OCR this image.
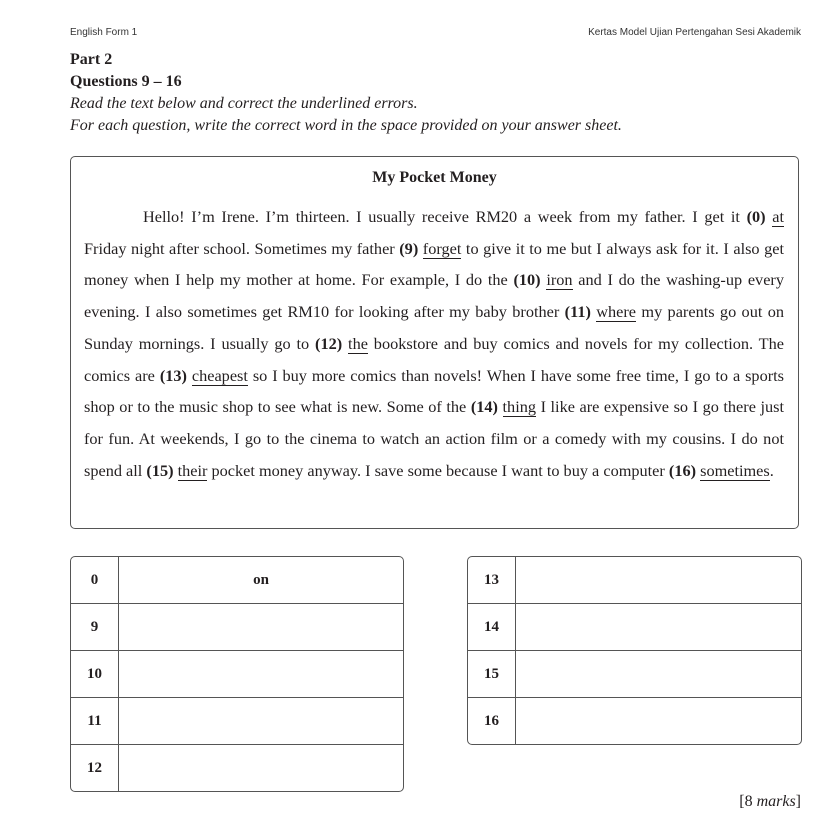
English Form 1	Kertas Model Ujian Pertengahan Sesi Akademik
Part 2
Questions 9 – 16
Read the text below and correct the underlined errors.
For each question, write the correct word in the space provided on your answer sheet.
My Pocket Money
Hello! I’m Irene. I’m thirteen. I usually receive RM20 a week from my father. I get it (0) at Friday night after school. Sometimes my father (9) forget to give it to me but I always ask for it. I also get money when I help my mother at home. For example, I do the (10) iron and I do the washing-up every evening. I also sometimes get RM10 for looking after my baby brother (11) where my parents go out on Sunday mornings. I usually go to (12) the bookstore and buy comics and novels for my collection. The comics are (13) cheapest so I buy more comics than novels! When I have some free time, I go to a sports shop or to the music shop to see what is new. Some of the (14) thing I like are expensive so I go there just for fun. At weekends, I go to the cinema to watch an action film or a comedy with my cousins. I do not spend all (15) their pocket money anyway. I save some because I want to buy a computer (16) sometimes.
0	on
9
10
11
12
13
14
15
16
[8 marks]
